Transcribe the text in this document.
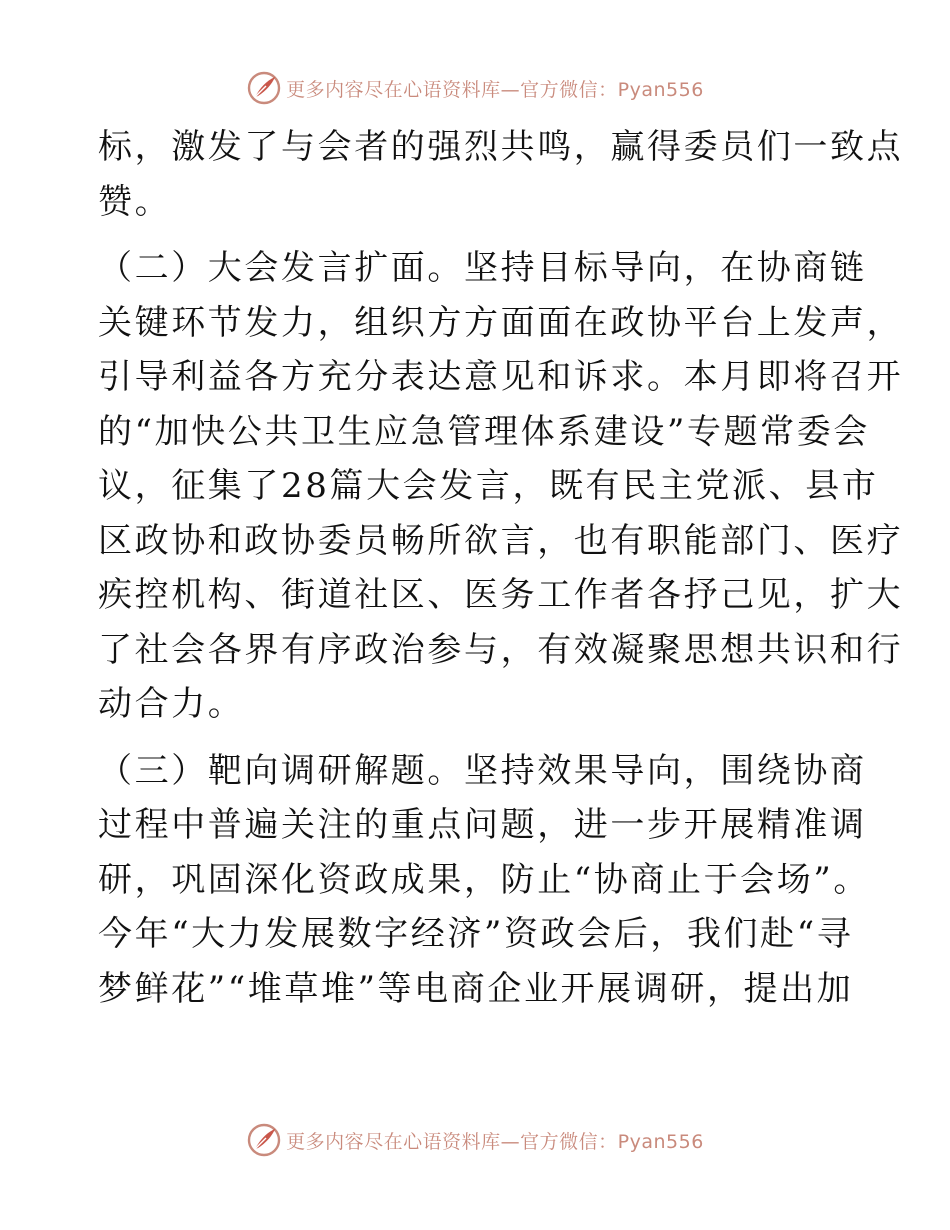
更多内容尽在心语资料库—官方微信：Pyan556

标，激发了与会者的强烈共鸣，赢得委员们一致点
赞。

（二）大会发言扩面。坚持目标导向，在协商链
关键环节发力，组织方方面面在政协平台上发声，
引导利益各方充分表达意见和诉求。本月即将召开
的“加快公共卫生应急管理体系建设”专题常委会
议，征集了28篇大会发言，既有民主党派、县市
区政协和政协委员畅所欲言，也有职能部门、医疗
疾控机构、街道社区、医务工作者各抒己见，扩大
了社会各界有序政治参与，有效凝聚思想共识和行
动合力。

（三）靶向调研解题。坚持效果导向，围绕协商
过程中普遍关注的重点问题，进一步开展精准调
研，巩固深化资政成果，防止“协商止于会场”。
今年“大力发展数字经济”资政会后，我们赴“寻
梦鲜花”“堆草堆”等电商企业开展调研，提出加

更多内容尽在心语资料库—官方微信：Pyan556
